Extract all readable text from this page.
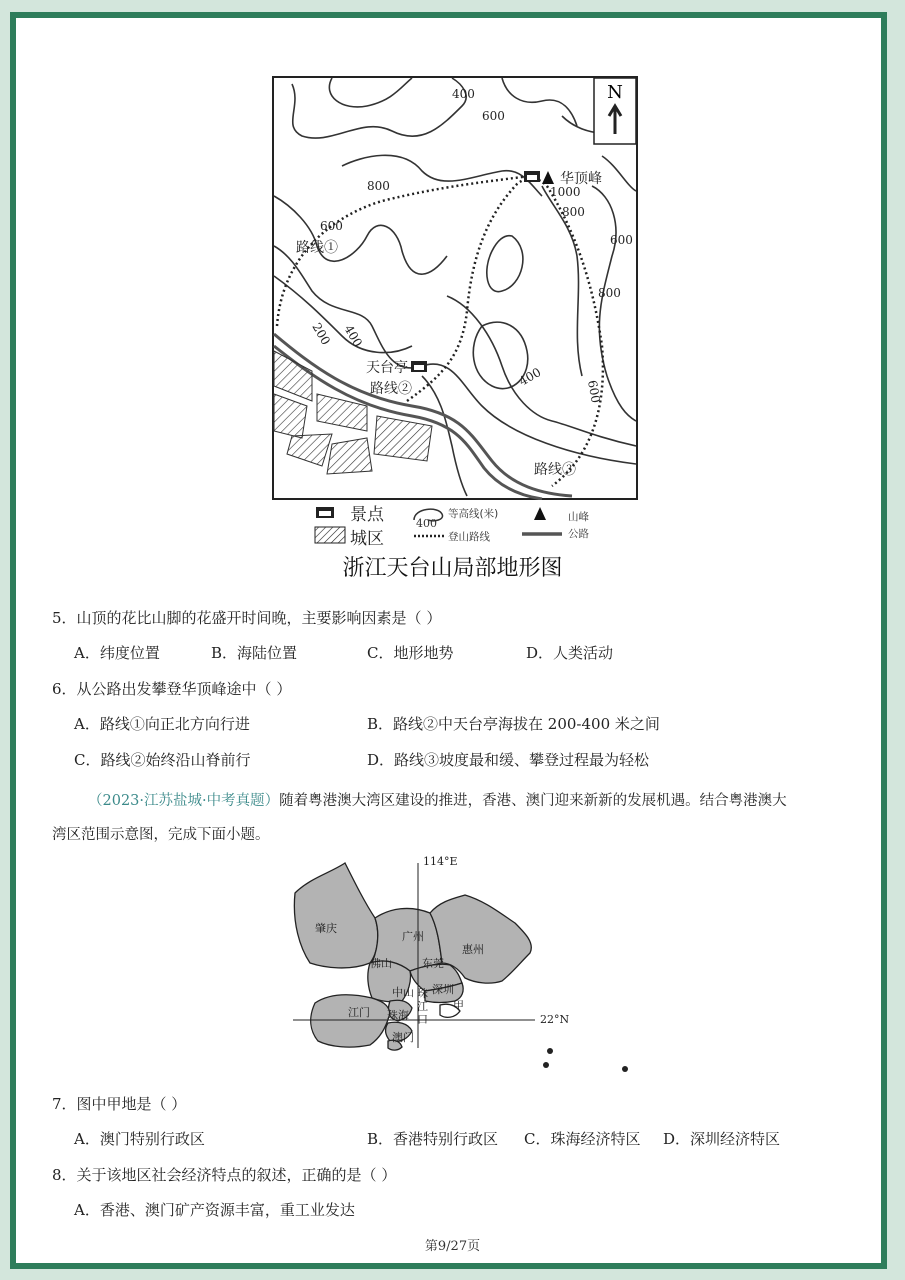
N
400
600
800	1000
800
600
800
600
200 400
400
600
华顶峰
天台亭
路线①
路线②
路线③
景点
城区
400
等高线(米)
登山路线
山峰
公路
浙江天台山局部地形图
5．山顶的花比山脚的花盛开时间晚，主要影响因素是（ ）
A．纬度位置	B．海陆位置	C．地形地势	D．人类活动
6．从公路出发攀登华顶峰途中（ ）
A．路线①向正北方向行进	B．路线②中天台亭海拔在 200-400 米之间
C．路线②始终沿山脊前行	D．路线③坡度最和缓、攀登过程最为轻松
（2023·江苏盐城·中考真题）随着粤港澳大湾区建设的推进，香港、澳门迎来新新的发展机遇。结合粤港澳大
湾区范围示意图，完成下面小题。
114°E
22°N
肇庆
广州
惠州
佛山	东莞
中山 深圳
江门 珠海
澳门
珠
江
口
甲
7．图中甲地是（ ）
A．澳门特别行政区	B．香港特别行政区 C．珠海经济特区 D．深圳经济特区
8．关于该地区社会经济特点的叙述，正确的是（ ）
A．香港、澳门矿产资源丰富，重工业发达
第9/27页
